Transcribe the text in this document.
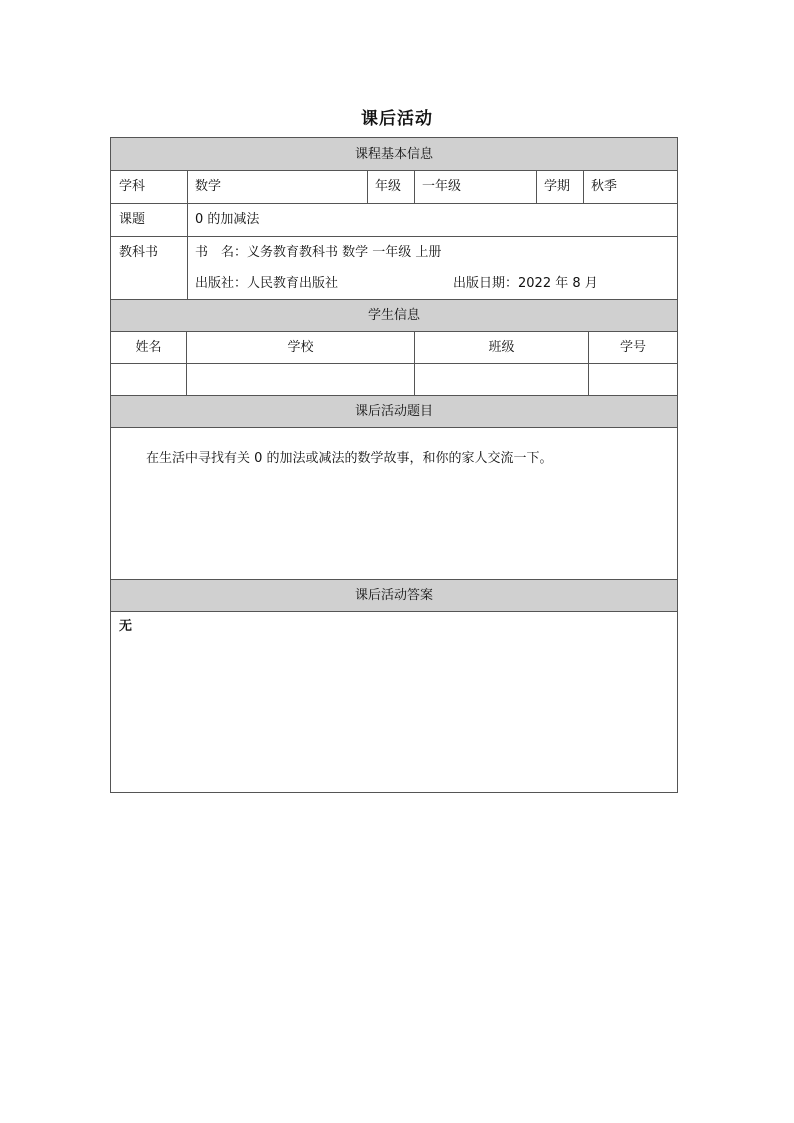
课后活动
课程基本信息
学科	数学	年级 一年级	学期 秋季
课题	0 的加减法
教科书	书　名：义务教育教科书 数学 一年级 上册
出版社：人民教育出版社	出版日期：2022 年 8 月
学生信息
姓名	学校	班级	学号
课后活动题目
在生活中寻找有关 0 的加法或减法的数学故事，和你的家人交流一下。
课后活动答案
无
